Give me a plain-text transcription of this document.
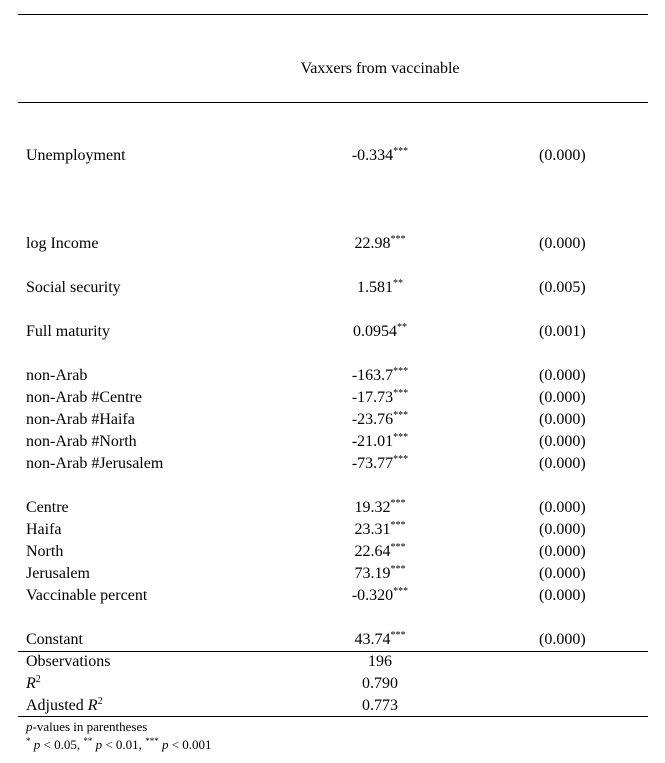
Vaxxers from vaccinable
Unemployment	-0.334***	(0.000)
log Income	22.98***	(0.000)
Social security	1.581**	(0.005)
Full maturity	0.0954**	(0.001)
non-Arab	-163.7***	(0.000)
non-Arab #Centre	-17.73***	(0.000)
non-Arab #Haifa	-23.76***	(0.000)
non-Arab #North	-21.01***	(0.000)
non-Arab #Jerusalem	-73.77***	(0.000)
Centre	19.32***	(0.000)
Haifa	23.31***	(0.000)
North	22.64***	(0.000)
Jerusalem	73.19***	(0.000)
Vaccinable percent	-0.320***	(0.000)
Constant	43.74***	(0.000)
Observations	196
$R^2$	0.790
Adjusted $R^2$	0.773
p-values in parentheses
* p < 0.05, ** p < 0.01, *** p < 0.001
